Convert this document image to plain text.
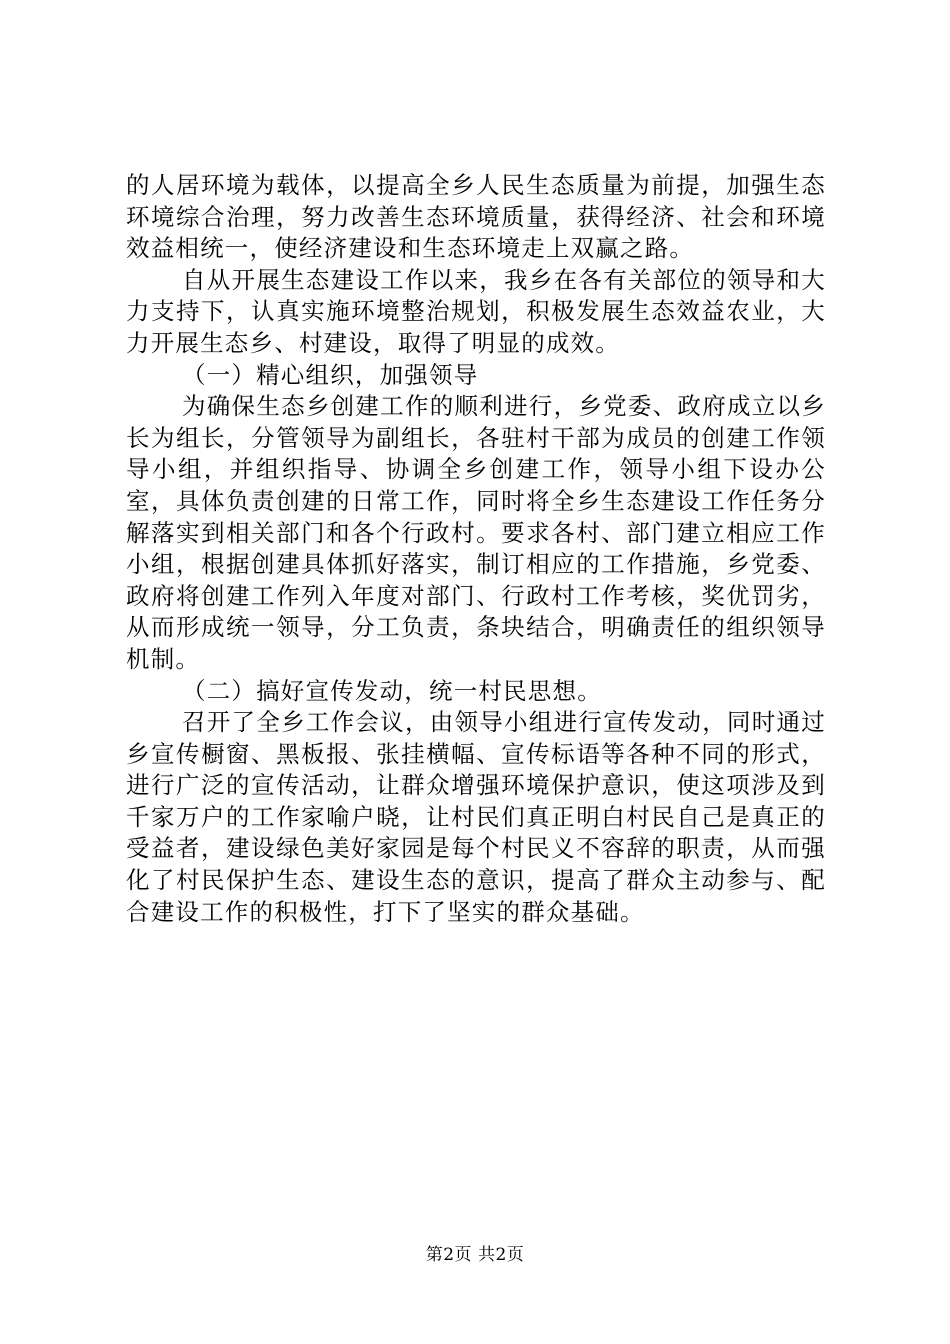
的人居环境为载体，以提高全乡人民生态质量为前提，加强生态环境综合治理，努力改善生态环境质量，获得经济、社会和环境效益相统一，使经济建设和生态环境走上双赢之路。

自从开展生态建设工作以来，我乡在各有关部位的领导和大力支持下，认真实施环境整治规划，积极发展生态效益农业，大力开展生态乡、村建设，取得了明显的成效。

（一）精心组织，加强领导

为确保生态乡创建工作的顺利进行，乡党委、政府成立以乡长为组长，分管领导为副组长，各驻村干部为成员的创建工作领导小组，并组织指导、协调全乡创建工作，领导小组下设办公室，具体负责创建的日常工作，同时将全乡生态建设工作任务分解落实到相关部门和各个行政村。要求各村、部门建立相应工作小组，根据创建具体抓好落实，制订相应的工作措施，乡党委、政府将创建工作列入年度对部门、行政村工作考核，奖优罚劣，从而形成统一领导，分工负责，条块结合，明确责任的组织领导机制。

（二）搞好宣传发动，统一村民思想。

召开了全乡工作会议，由领导小组进行宣传发动，同时通过乡宣传橱窗、黑板报、张挂横幅、宣传标语等各种不同的形式，进行广泛的宣传活动，让群众增强环境保护意识，使这项涉及到千家万户的工作家喻户晓，让村民们真正明白村民自己是真正的受益者，建设绿色美好家园是每个村民义不容辞的职责，从而强化了村民保护生态、建设生态的意识，提高了群众主动参与、配合建设工作的积极性，打下了坚实的群众基础。

第2页 共2页
